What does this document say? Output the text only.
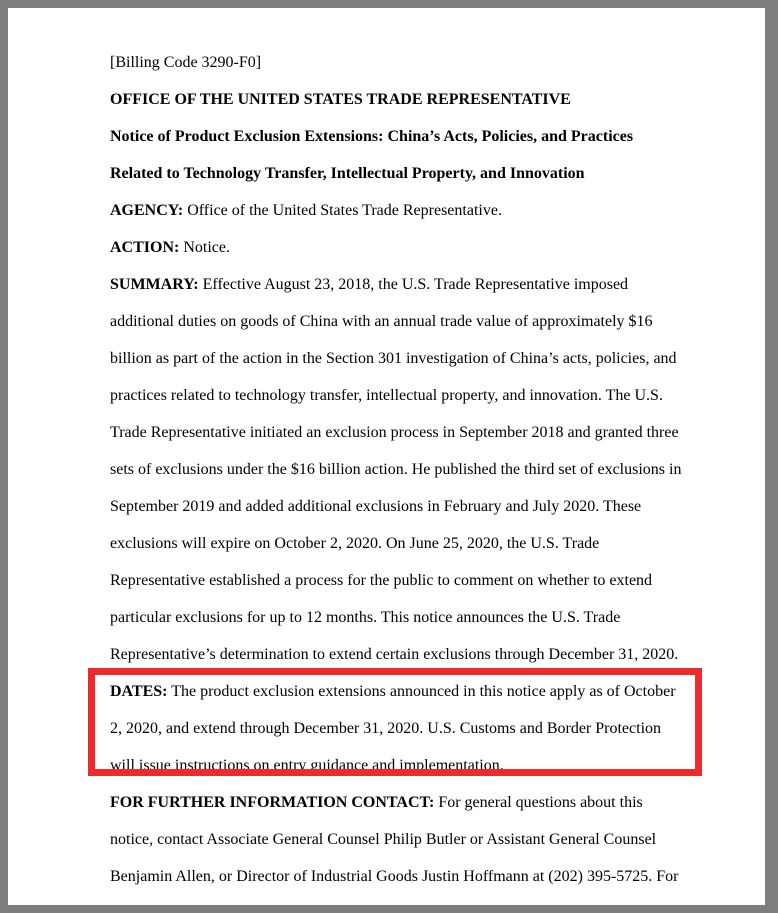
[Billing Code 3290-F0]
OFFICE OF THE UNITED STATES TRADE REPRESENTATIVE
Notice of Product Exclusion Extensions: China’s Acts, Policies, and Practices
Related to Technology Transfer, Intellectual Property, and Innovation
AGENCY: Office of the United States Trade Representative.
ACTION: Notice.
SUMMARY: Effective August 23, 2018, the U.S. Trade Representative imposed
additional duties on goods of China with an annual trade value of approximately $16
billion as part of the action in the Section 301 investigation of China’s acts, policies, and
practices related to technology transfer, intellectual property, and innovation. The U.S.
Trade Representative initiated an exclusion process in September 2018 and granted three
sets of exclusions under the $16 billion action. He published the third set of exclusions in
September 2019 and added additional exclusions in February and July 2020. These
exclusions will expire on October 2, 2020. On June 25, 2020, the U.S. Trade
Representative established a process for the public to comment on whether to extend
particular exclusions for up to 12 months. This notice announces the U.S. Trade
Representative’s determination to extend certain exclusions through December 31, 2020.
DATES: The product exclusion extensions announced in this notice apply as of October
2, 2020, and extend through December 31, 2020. U.S. Customs and Border Protection
will issue instructions on entry guidance and implementation.
FOR FURTHER INFORMATION CONTACT: For general questions about this
notice, contact Associate General Counsel Philip Butler or Assistant General Counsel
Benjamin Allen, or Director of Industrial Goods Justin Hoffmann at (202) 395-5725. For
